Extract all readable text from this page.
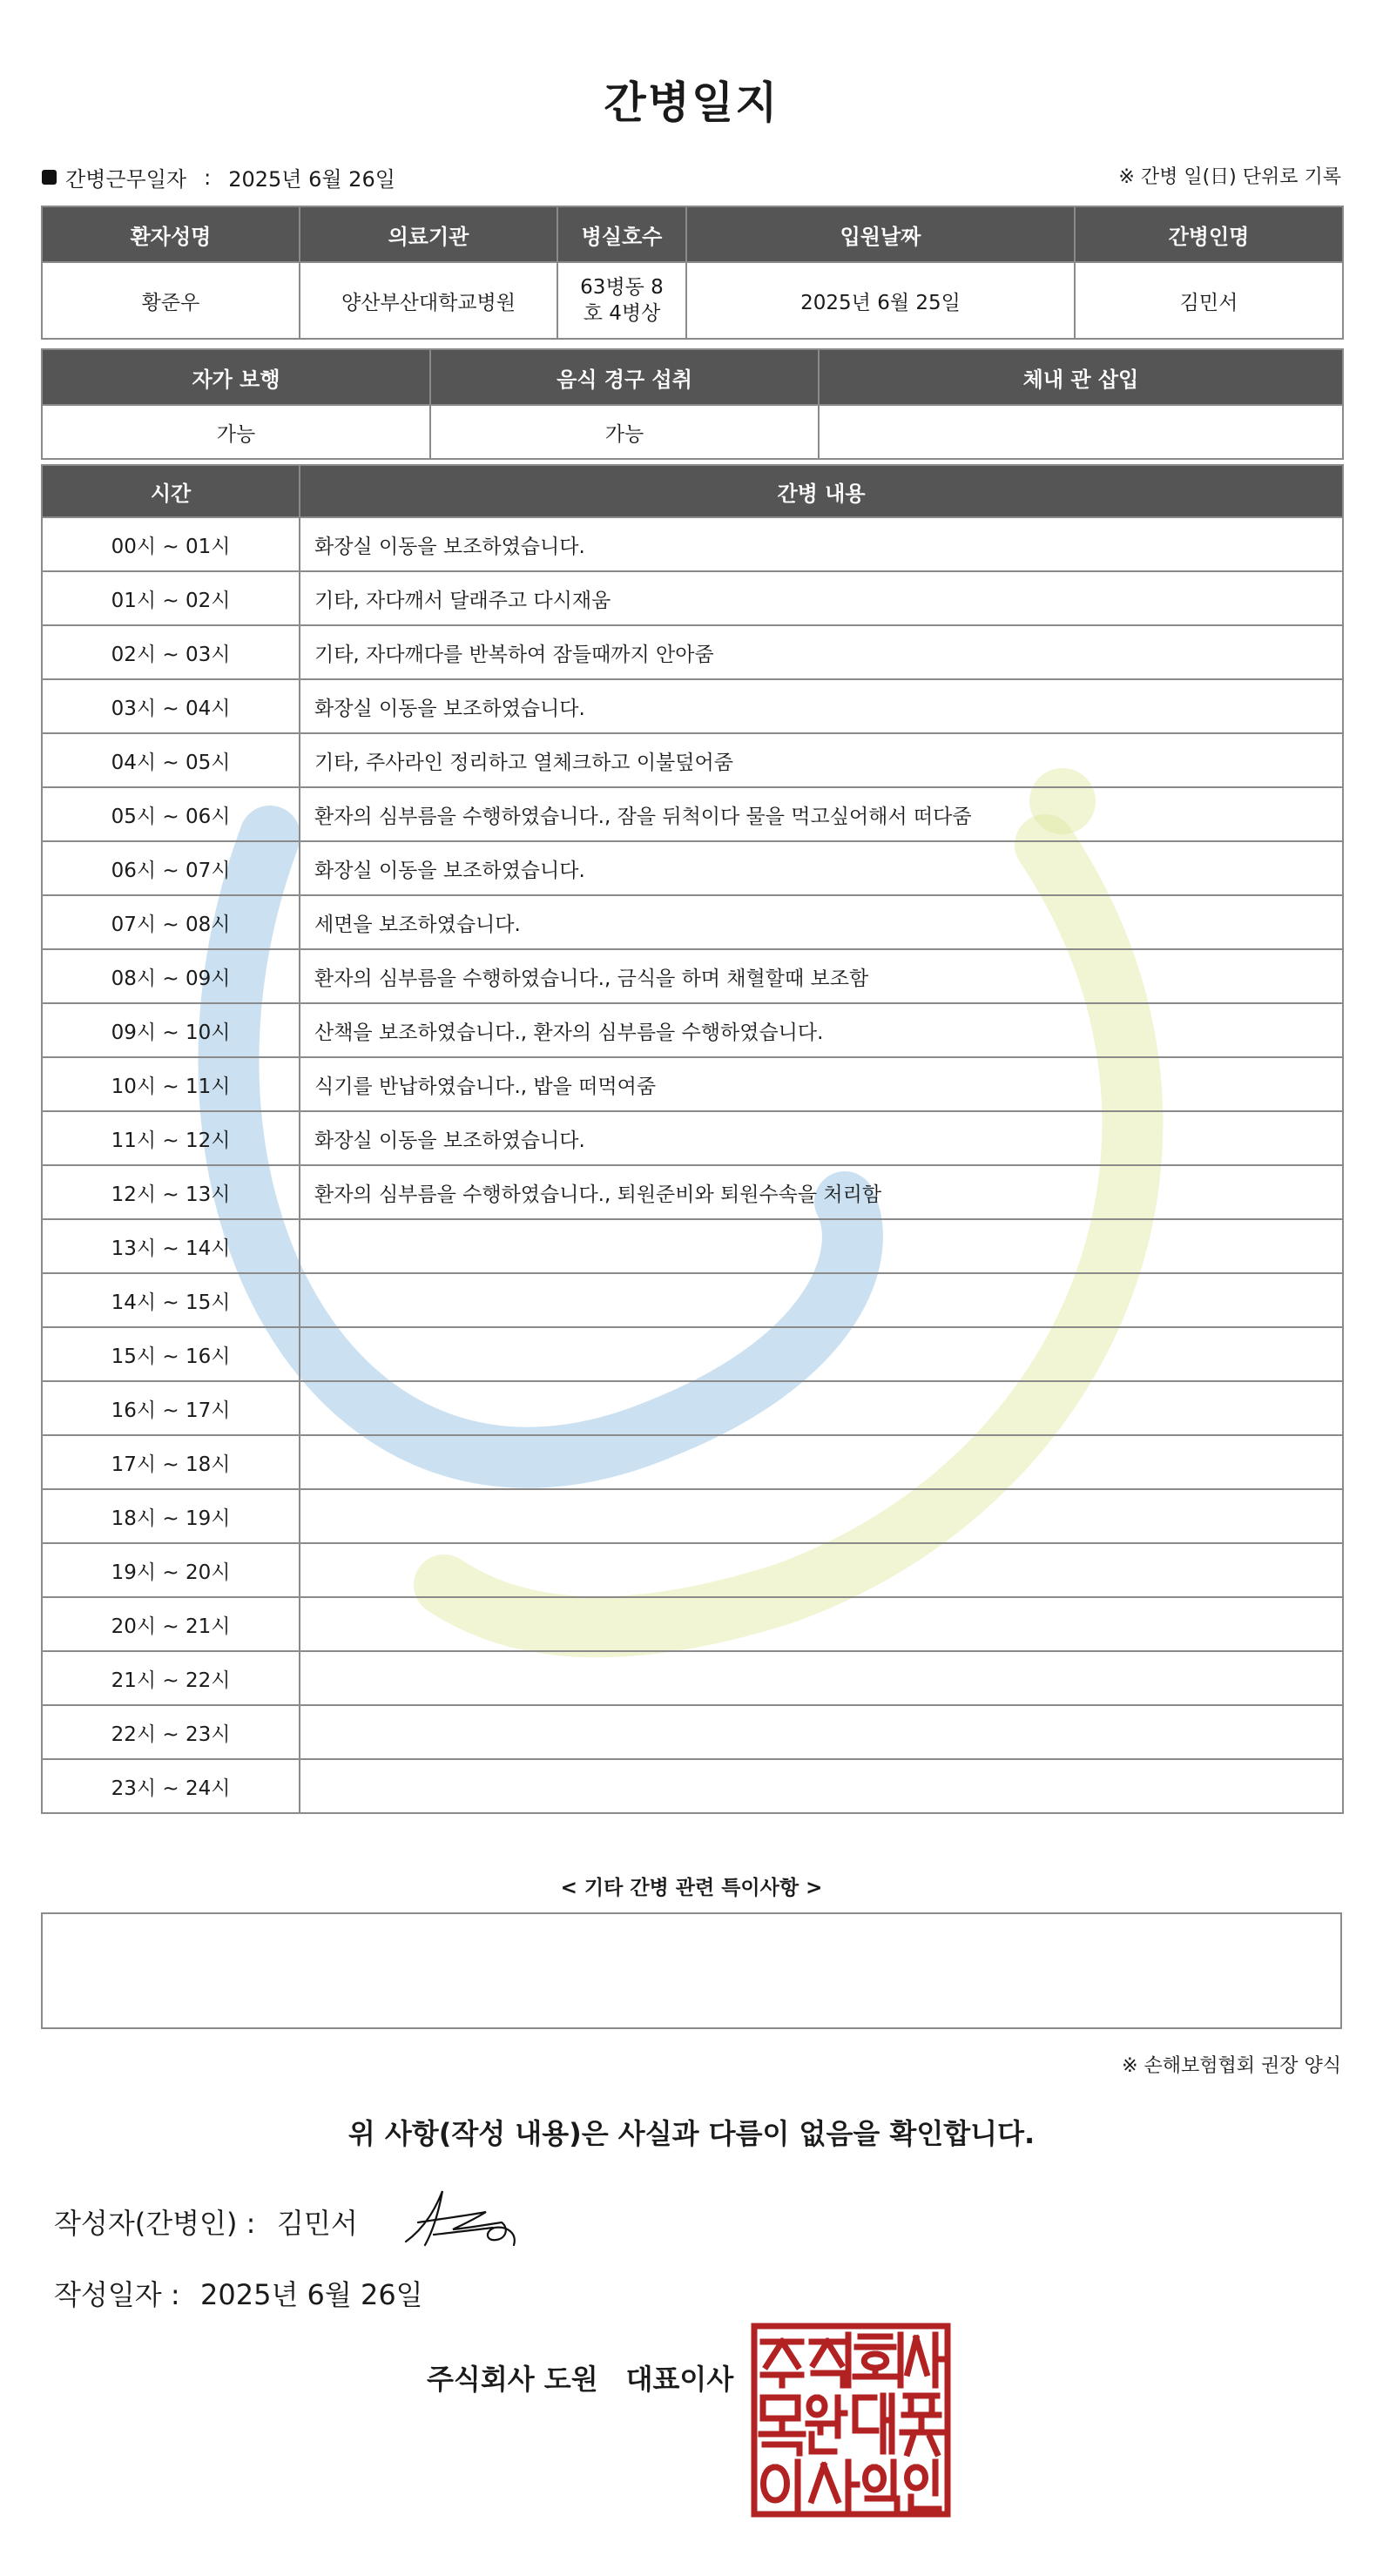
간병일지
간병근무일자 : 2025년 6월 26일	※ 간병 일(日) 단위로 기록
환자성명	의료기관	병실호수	입원날짜	간병인명
황준우	양산부산대학교병원	63병동 8 호 4병상	2025년 6월 25일	김민서
자가 보행	음식 경구 섭취	체내 관 삽입
가능	가능	
시간	간병 내용
00시 ~ 01시	화장실 이동을 보조하였습니다.
01시 ~ 02시	기타, 자다깨서 달래주고 다시재움
02시 ~ 03시	기타, 자다깨다를 반복하여 잠들때까지 안아줌
03시 ~ 04시	화장실 이동을 보조하였습니다.
04시 ~ 05시	기타, 주사라인 정리하고 열체크하고 이불덮어줌
05시 ~ 06시	환자의 심부름을 수행하였습니다., 잠을 뒤척이다 물을 먹고싶어해서 떠다줌
06시 ~ 07시	화장실 이동을 보조하였습니다.
07시 ~ 08시	세면을 보조하였습니다.
08시 ~ 09시	환자의 심부름을 수행하였습니다., 금식을 하며 채혈할때 보조함
09시 ~ 10시	산책을 보조하였습니다., 환자의 심부름을 수행하였습니다.
10시 ~ 11시	식기를 반납하였습니다., 밥을 떠먹여줌
11시 ~ 12시	화장실 이동을 보조하였습니다.
12시 ~ 13시	환자의 심부름을 수행하였습니다., 퇴원준비와 퇴원수속을 처리함
13시 ~ 14시	
14시 ~ 15시	
15시 ~ 16시	
16시 ~ 17시	
17시 ~ 18시	
18시 ~ 19시	
19시 ~ 20시	
20시 ~ 21시	
21시 ~ 22시	
22시 ~ 23시	
23시 ~ 24시	
< 기타 간병 관련 특이사항 >
※ 손해보험협회 권장 양식
위 사항(작성 내용)은 사실과 다름이 없음을 확인합니다.
작성자(간병인) : 김민서
작성일자 : 2025년 6월 26일
주식회사 도원　대표이사
